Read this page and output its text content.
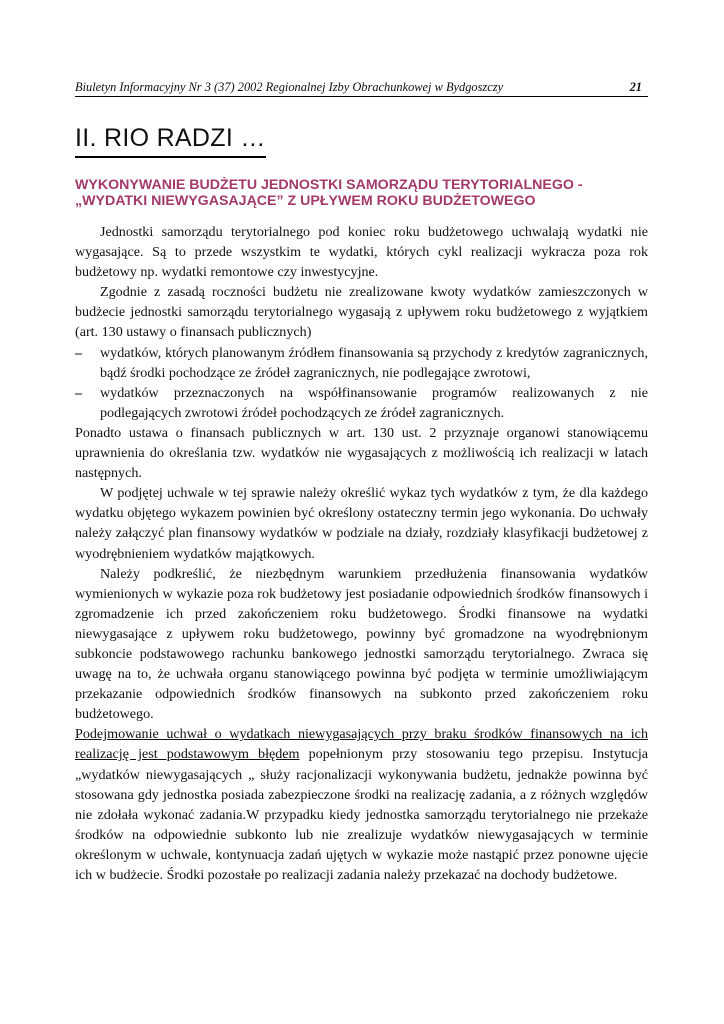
Biuletyn Informacyjny Nr 3 (37) 2002 Regionalnej Izby Obrachunkowej w Bydgoszczy	21
II. RIO RADZI …
WYKONYWANIE BUDŻETU JEDNOSTKI SAMORZĄDU TERYTORIALNEGO - „WYDATKI NIEWYGASAJĄCE” Z UPŁYWEM ROKU BUDŻETOWEGO

Jednostki samorządu terytorialnego pod koniec roku budżetowego uchwalają wydatki nie wygasające. Są to przede wszystkim te wydatki, których cykl realizacji wykracza poza rok budżetowy np. wydatki remontowe czy inwestycyjne.

Zgodnie z zasadą roczności budżetu nie zrealizowane kwoty wydatków zamieszczonych w budżecie jednostki samorządu terytorialnego wygasają z upływem roku budżetowego z wyjątkiem (art. 130 ustawy o finansach publicznych)

–	wydatków, których planowanym źródłem finansowania są przychody z kredytów zagranicznych, bądź środki pochodzące ze źródeł zagranicznych, nie podlegające zwrotowi,
–	wydatków przeznaczonych na współfinansowanie programów realizowanych z nie podlegających zwrotowi źródeł pochodzących ze źródeł zagranicznych.

Ponadto ustawa o finansach publicznych w art. 130 ust. 2 przyznaje organowi stanowiącemu uprawnienia do określania tzw. wydatków nie wygasających z możliwością ich realizacji w latach następnych.

W podjętej uchwale w tej sprawie należy określić wykaz tych wydatków z tym, że dla każdego wydatku objętego wykazem powinien być określony ostateczny termin jego wykonania. Do uchwały należy załączyć plan finansowy wydatków w podziale na działy, rozdziały klasyfikacji budżetowej z wyodrębnieniem wydatków majątkowych.

Należy podkreślić, że niezbędnym warunkiem przedłużenia finansowania wydatków wymienionych w wykazie poza rok budżetowy jest posiadanie odpowiednich środków finansowych i zgromadzenie ich przed zakończeniem roku budżetowego. Środki finansowe na wydatki niewygasające z upływem roku budżetowego, powinny być gromadzone na wyodrębnionym subkoncie podstawowego rachunku bankowego jednostki samorządu terytorialnego. Zwraca się uwagę na to, że uchwała organu stanowiącego powinna być podjęta w terminie umożliwiającym przekazanie odpowiednich środków finansowych na subkonto przed zakończeniem roku budżetowego.

Podejmowanie uchwał o wydatkach niewygasających przy braku środków finansowych na ich realizację jest podstawowym błędem popełnionym przy stosowaniu tego przepisu. Instytucja „wydatków niewygasających „ służy racjonalizacji wykonywania budżetu, jednakże powinna być stosowana gdy jednostka posiada zabezpieczone środki na realizację zadania, a z różnych względów nie zdołała wykonać zadania.W przypadku kiedy jednostka samorządu terytorialnego nie przekaże środków na odpowiednie subkonto lub nie zrealizuje wydatków niewygasających w terminie określonym w uchwale, kontynuacja zadań ujętych w wykazie może nastąpić przez ponowne ujęcie ich w budżecie. Środki pozostałe po realizacji zadania należy przekazać na dochody budżetowe.
